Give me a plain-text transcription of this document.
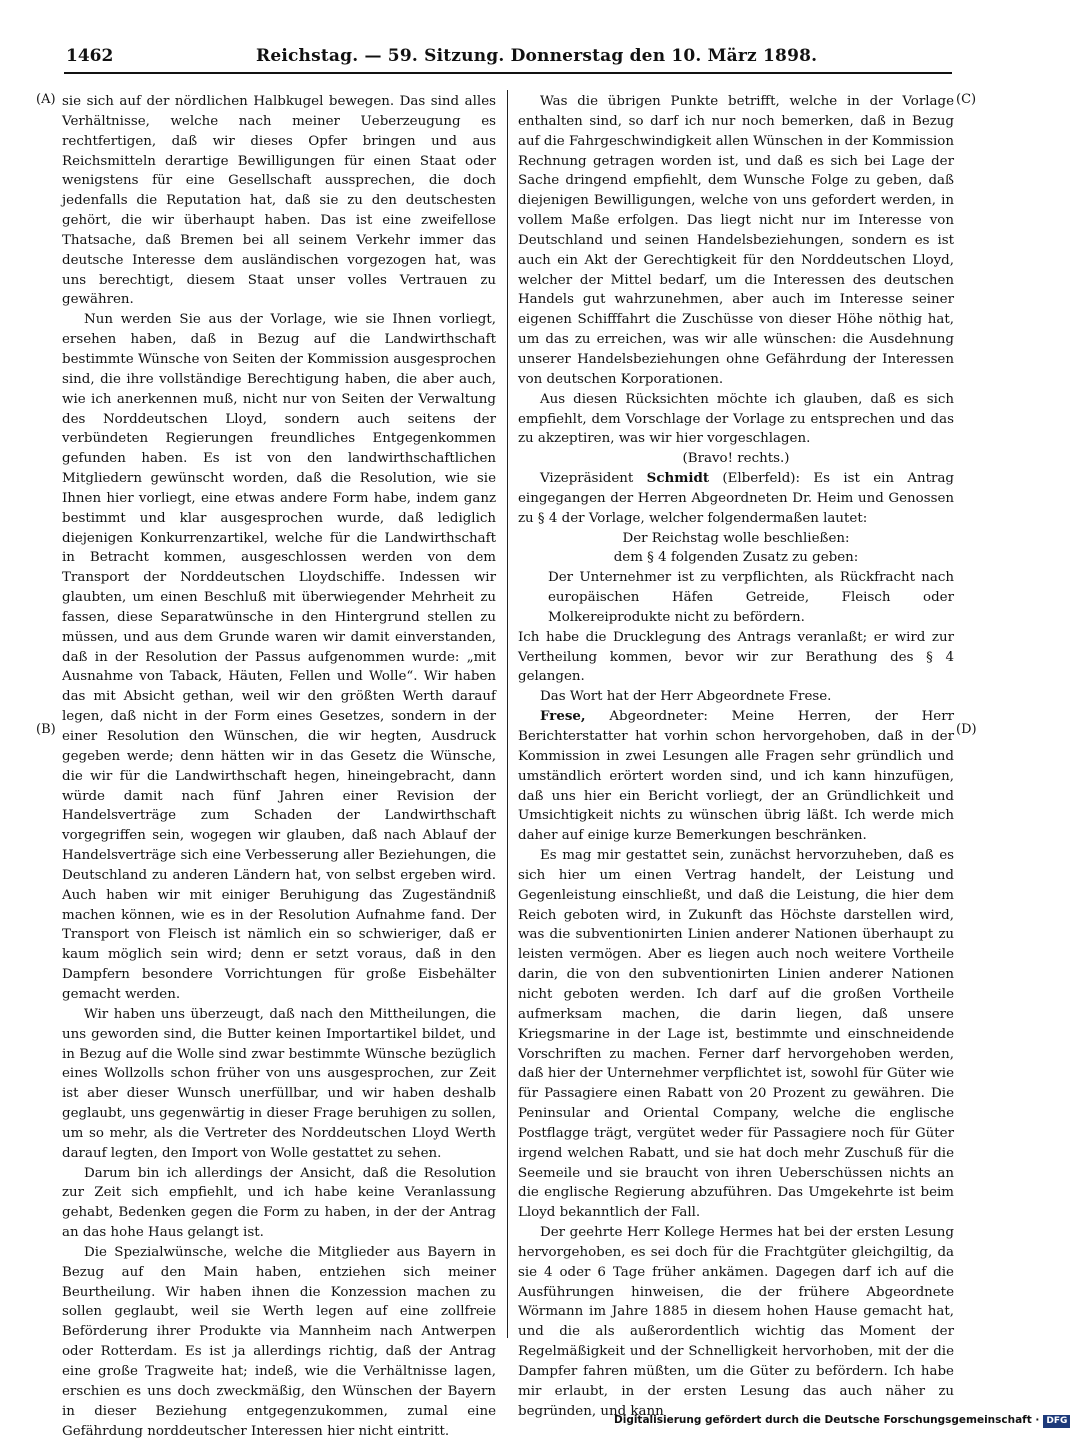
1462	Reichstag. — 59. Sitzung. Donnerstag den 10. März 1898.
(A)
(B)
(C)
(D)

sie sich auf der nördlichen Halbkugel bewegen. Das sind alles Verhältnisse, welche nach meiner Ueberzeugung es rechtfertigen, daß wir dieses Opfer bringen und aus Reichsmitteln derartige Bewilligungen für einen Staat oder wenigstens für eine Gesellschaft aussprechen, die doch jedenfalls die Reputation hat, daß sie zu den deutschesten gehört, die wir überhaupt haben. Das ist eine zweifellose Thatsache, daß Bremen bei all seinem Verkehr immer das deutsche Interesse dem ausländischen vorgezogen hat, was uns berechtigt, diesem Staat unser volles Vertrauen zu gewähren.

Nun werden Sie aus der Vorlage, wie sie Ihnen vorliegt, ersehen haben, daß in Bezug auf die Landwirthschaft bestimmte Wünsche von Seiten der Kommission ausgesprochen sind, die ihre vollständige Berechtigung haben, die aber auch, wie ich anerkennen muß, nicht nur von Seiten der Verwaltung des Norddeutschen Lloyd, sondern auch seitens der verbündeten Regierungen freundliches Entgegenkommen gefunden haben. Es ist von den landwirthschaftlichen Mitgliedern gewünscht worden, daß die Resolution, wie sie Ihnen hier vorliegt, eine etwas andere Form habe, indem ganz bestimmt und klar ausgesprochen wurde, daß lediglich diejenigen Konkurrenzartikel, welche für die Landwirthschaft in Betracht kommen, ausgeschlossen werden von dem Transport der Norddeutschen Lloydschiffe. Indessen wir glaubten, um einen Beschluß mit überwiegender Mehrheit zu fassen, diese Separatwünsche in den Hintergrund stellen zu müssen, und aus dem Grunde waren wir damit einverstanden, daß in der Resolution der Passus aufgenommen wurde: „mit Ausnahme von Taback, Häuten, Fellen und Wolle“. Wir haben das mit Absicht gethan, weil wir den größten Werth darauf legen, daß nicht in der Form eines Gesetzes, sondern in der einer Resolution den Wünschen, die wir hegten, Ausdruck gegeben werde; denn hätten wir in das Gesetz die Wünsche, die wir für die Landwirthschaft hegen, hineingebracht, dann würde damit nach fünf Jahren einer Revision der Handelsverträge zum Schaden der Landwirthschaft vorgegriffen sein, wogegen wir glauben, daß nach Ablauf der Handelsverträge sich eine Verbesserung aller Beziehungen, die Deutschland zu anderen Ländern hat, von selbst ergeben wird. Auch haben wir mit einiger Beruhigung das Zugeständniß machen können, wie es in der Resolution Aufnahme fand. Der Transport von Fleisch ist nämlich ein so schwieriger, daß er kaum möglich sein wird; denn er setzt voraus, daß in den Dampfern besondere Vorrichtungen für große Eisbehälter gemacht werden.

Wir haben uns überzeugt, daß nach den Mittheilungen, die uns geworden sind, die Butter keinen Importartikel bildet, und in Bezug auf die Wolle sind zwar bestimmte Wünsche bezüglich eines Wollzolls schon früher von uns ausgesprochen, zur Zeit ist aber dieser Wunsch unerfüllbar, und wir haben deshalb geglaubt, uns gegenwärtig in dieser Frage beruhigen zu sollen, um so mehr, als die Vertreter des Norddeutschen Lloyd Werth darauf legten, den Import von Wolle gestattet zu sehen.

Darum bin ich allerdings der Ansicht, daß die Resolution zur Zeit sich empfiehlt, und ich habe keine Veranlassung gehabt, Bedenken gegen die Form zu haben, in der der Antrag an das hohe Haus gelangt ist.

Die Spezialwünsche, welche die Mitglieder aus Bayern in Bezug auf den Main haben, entziehen sich meiner Beurtheilung. Wir haben ihnen die Konzession machen zu sollen geglaubt, weil sie Werth legen auf eine zollfreie Beförderung ihrer Produkte via Mannheim nach Antwerpen oder Rotterdam. Es ist ja allerdings richtig, daß der Antrag eine große Tragweite hat; indeß, wie die Verhältnisse lagen, erschien es uns doch zweckmäßig, den Wünschen der Bayern in dieser Beziehung entgegenzukommen, zumal eine Gefährdung norddeutscher Interessen hier nicht eintritt.

Was die übrigen Punkte betrifft, welche in der Vorlage enthalten sind, so darf ich nur noch bemerken, daß in Bezug auf die Fahrgeschwindigkeit allen Wünschen in der Kommission Rechnung getragen worden ist, und daß es sich bei Lage der Sache dringend empfiehlt, dem Wunsche Folge zu geben, daß diejenigen Bewilligungen, welche von uns gefordert werden, in vollem Maße erfolgen. Das liegt nicht nur im Interesse von Deutschland und seinen Handelsbeziehungen, sondern es ist auch ein Akt der Gerechtigkeit für den Norddeutschen Lloyd, welcher der Mittel bedarf, um die Interessen des deutschen Handels gut wahrzunehmen, aber auch im Interesse seiner eigenen Schifffahrt die Zuschüsse von dieser Höhe nöthig hat, um das zu erreichen, was wir alle wünschen: die Ausdehnung unserer Handelsbeziehungen ohne Gefährdung der Interessen von deutschen Korporationen.

Aus diesen Rücksichten möchte ich glauben, daß es sich empfiehlt, dem Vorschlage der Vorlage zu entsprechen und das zu akzeptiren, was wir hier vorgeschlagen.

(Bravo! rechts.)

Vizepräsident Schmidt (Elberfeld): Es ist ein Antrag eingegangen der Herren Abgeordneten Dr. Heim und Genossen zu § 4 der Vorlage, welcher folgendermaßen lautet:

Der Reichstag wolle beschließen:

dem § 4 folgenden Zusatz zu geben:

Der Unternehmer ist zu verpflichten, als Rückfracht nach europäischen Häfen Getreide, Fleisch oder Molkereiprodukte nicht zu befördern.

Ich habe die Drucklegung des Antrags veranlaßt; er wird zur Vertheilung kommen, bevor wir zur Berathung des § 4 gelangen.

Das Wort hat der Herr Abgeordnete Frese.

Frese, Abgeordneter: Meine Herren, der Herr Berichterstatter hat vorhin schon hervorgehoben, daß in der Kommission in zwei Lesungen alle Fragen sehr gründlich und umständlich erörtert worden sind, und ich kann hinzufügen, daß uns hier ein Bericht vorliegt, der an Gründlichkeit und Umsichtigkeit nichts zu wünschen übrig läßt. Ich werde mich daher auf einige kurze Bemerkungen beschränken.

Es mag mir gestattet sein, zunächst hervorzuheben, daß es sich hier um einen Vertrag handelt, der Leistung und Gegenleistung einschließt, und daß die Leistung, die hier dem Reich geboten wird, in Zukunft das Höchste darstellen wird, was die subventionirten Linien anderer Nationen überhaupt zu leisten vermögen. Aber es liegen auch noch weitere Vortheile darin, die von den subventionirten Linien anderer Nationen nicht geboten werden. Ich darf auf die großen Vortheile aufmerksam machen, die darin liegen, daß unsere Kriegsmarine in der Lage ist, bestimmte und einschneidende Vorschriften zu machen. Ferner darf hervorgehoben werden, daß hier der Unternehmer verpflichtet ist, sowohl für Güter wie für Passagiere einen Rabatt von 20 Prozent zu gewähren. Die Peninsular and Oriental Company, welche die englische Postflagge trägt, vergütet weder für Passagiere noch für Güter irgend welchen Rabatt, und sie hat doch mehr Zuschuß für die Seemeile und sie braucht von ihren Ueberschüssen nichts an die englische Regierung abzuführen. Das Umgekehrte ist beim Lloyd bekanntlich der Fall.

Der geehrte Herr Kollege Hermes hat bei der ersten Lesung hervorgehoben, es sei doch für die Frachtgüter gleichgiltig, da sie 4 oder 6 Tage früher ankämen. Dagegen darf ich auf die Ausführungen hinweisen, die der frühere Abgeordnete Wörmann im Jahre 1885 in diesem hohen Hause gemacht hat, und die als außerordentlich wichtig das Moment der Regelmäßigkeit und der Schnelligkeit hervorhoben, mit der die Dampfer fahren müßten, um die Güter zu befördern. Ich habe mir erlaubt, in der ersten Lesung das auch näher zu begründen, und kann

Digitalisierung gefördert durch die Deutsche Forschungsgemeinschaft · DFG
